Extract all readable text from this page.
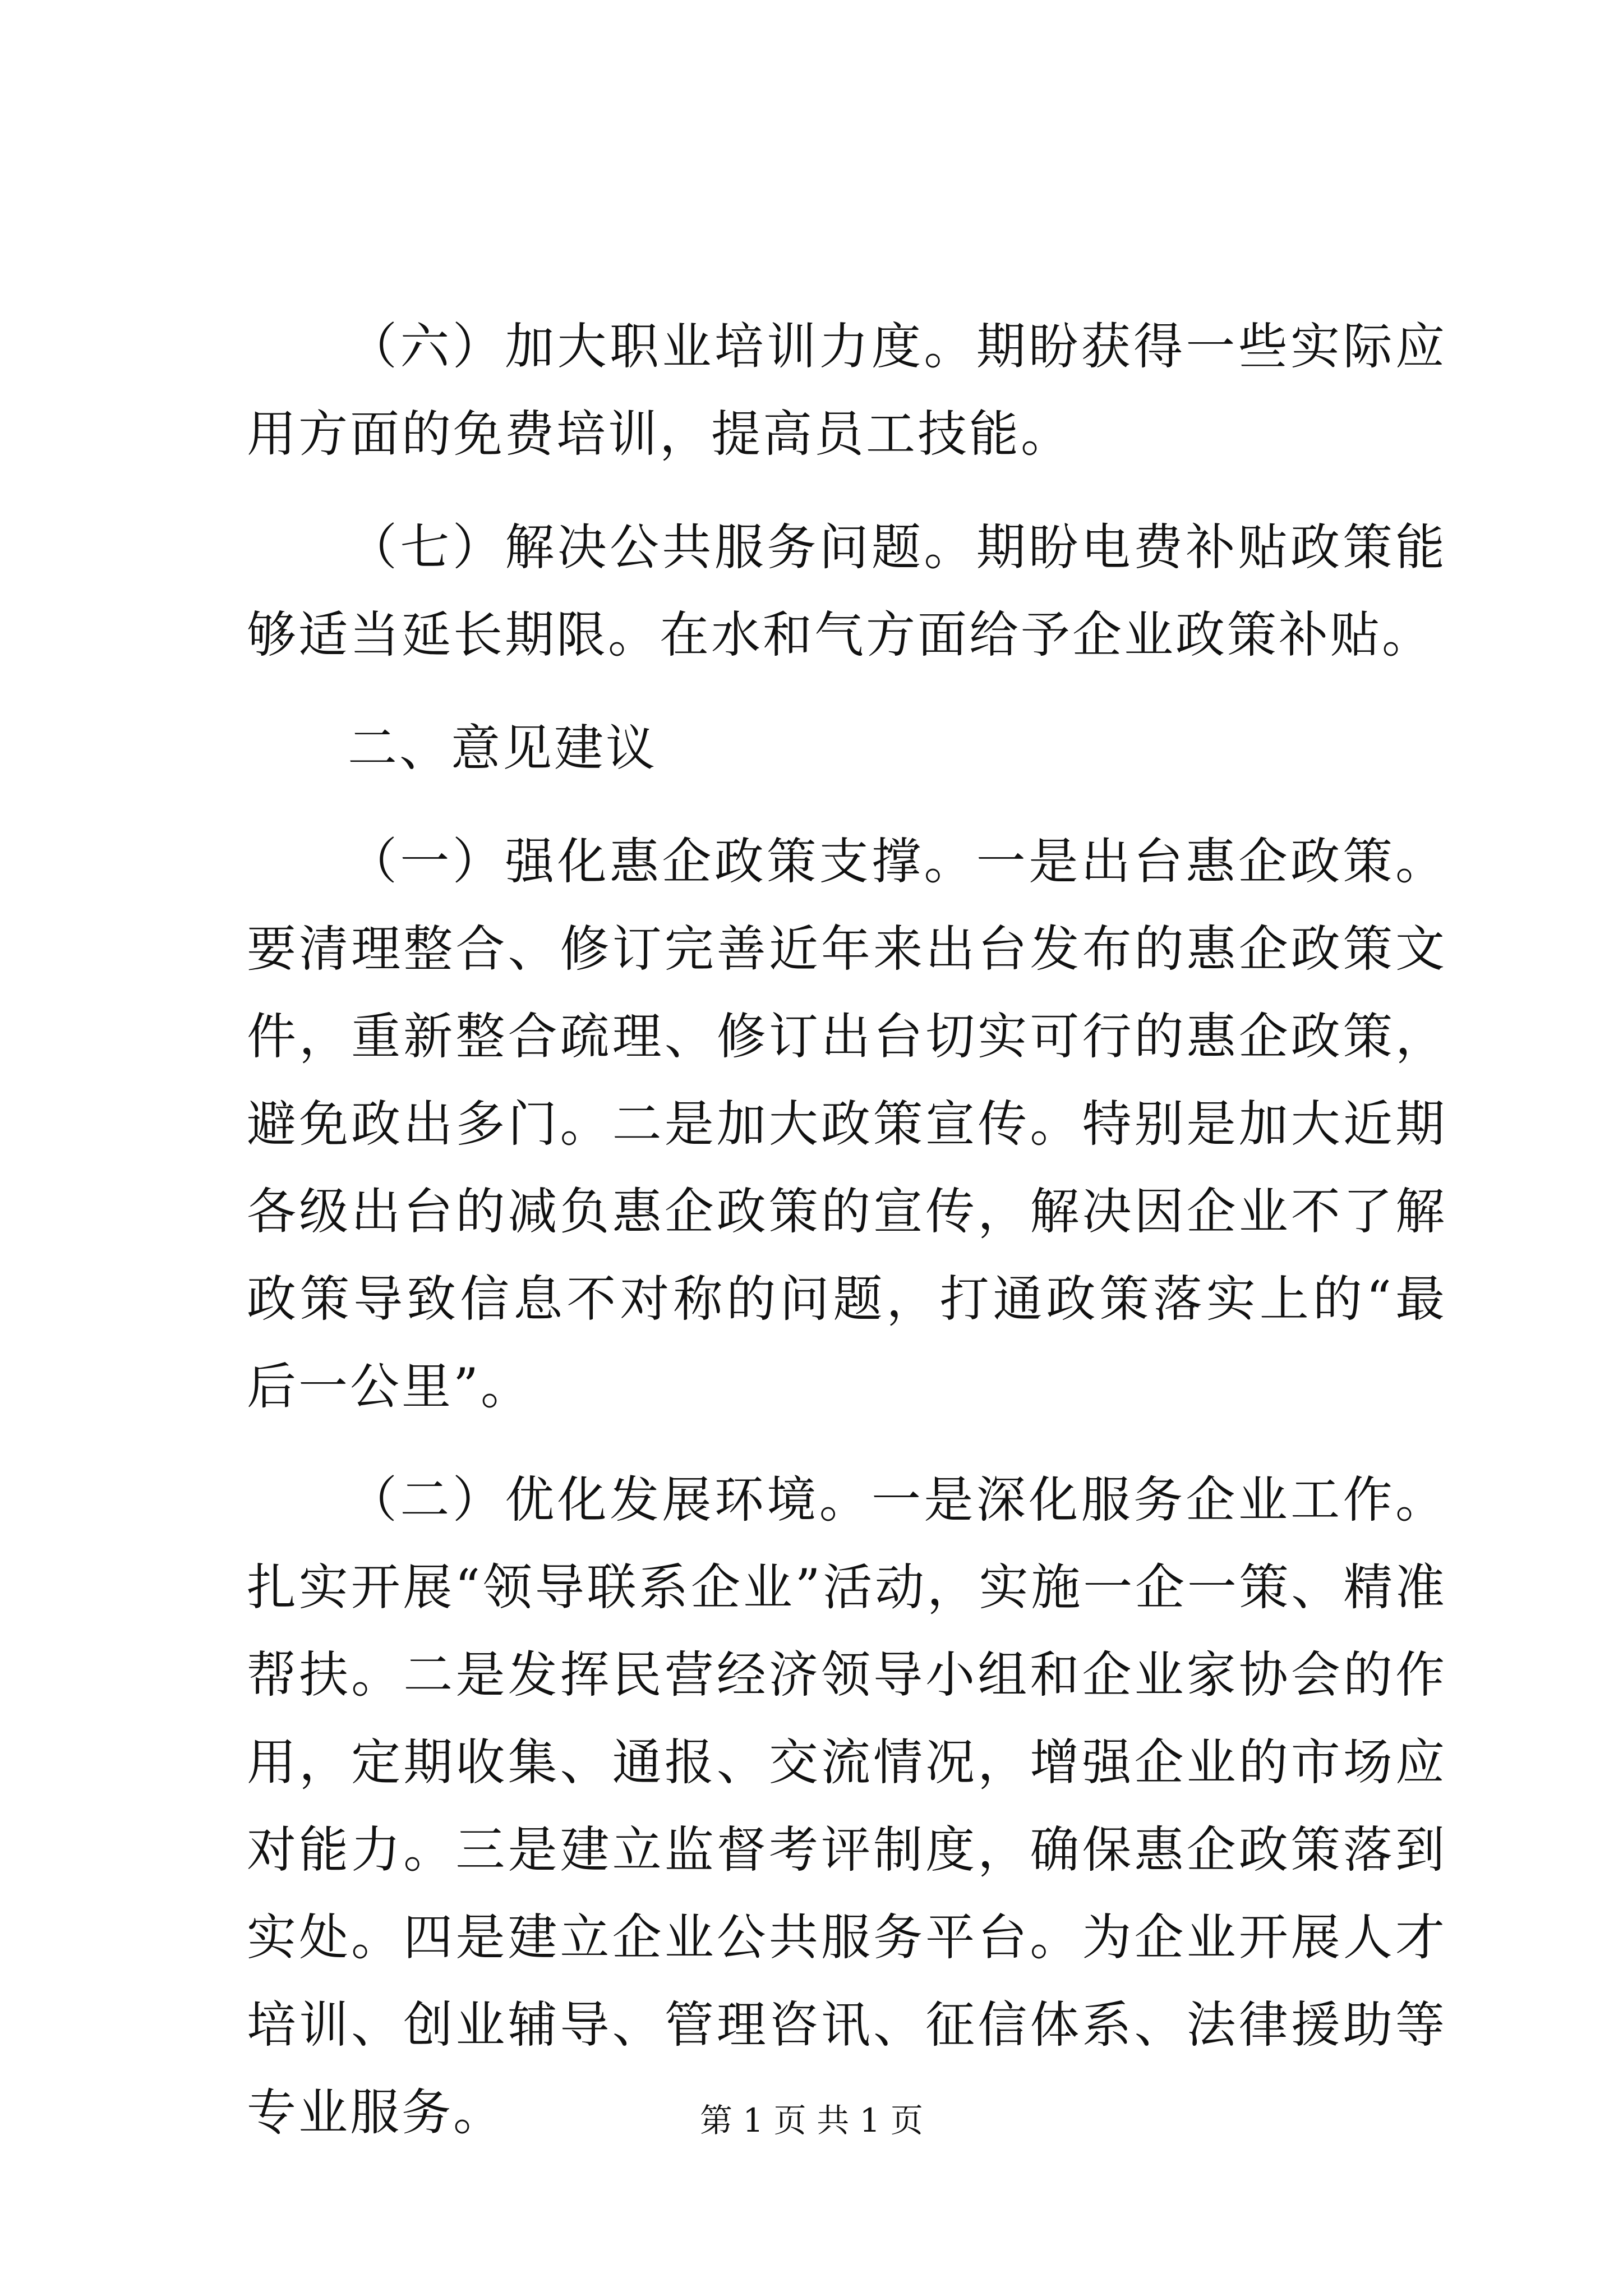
（六）加大职业培训力度。期盼获得一些实际应用方面的免费培训，提高员工技能。

（七）解决公共服务问题。期盼电费补贴政策能够适当延长期限。在水和气方面给予企业政策补贴。

二、意见建议

（一）强化惠企政策支撑。一是出台惠企政策。要清理整合、修订完善近年来出台发布的惠企政策文件，重新整合疏理、修订出台切实可行的惠企政策，避免政出多门。二是加大政策宣传。特别是加大近期各级出台的减负惠企政策的宣传，解决因企业不了解政策导致信息不对称的问题，打通政策落实上的“最后一公里”。

（二）优化发展环境。一是深化服务企业工作。扎实开展“领导联系企业”活动，实施一企一策、精准帮扶。二是发挥民营经济领导小组和企业家协会的作用，定期收集、通报、交流情况，增强企业的市场应对能力。三是建立监督考评制度，确保惠企政策落到实处。四是建立企业公共服务平台。为企业开展人才培训、创业辅导、管理咨讯、征信体系、法律援助等专业服务。	第 1 页 共 1 页
